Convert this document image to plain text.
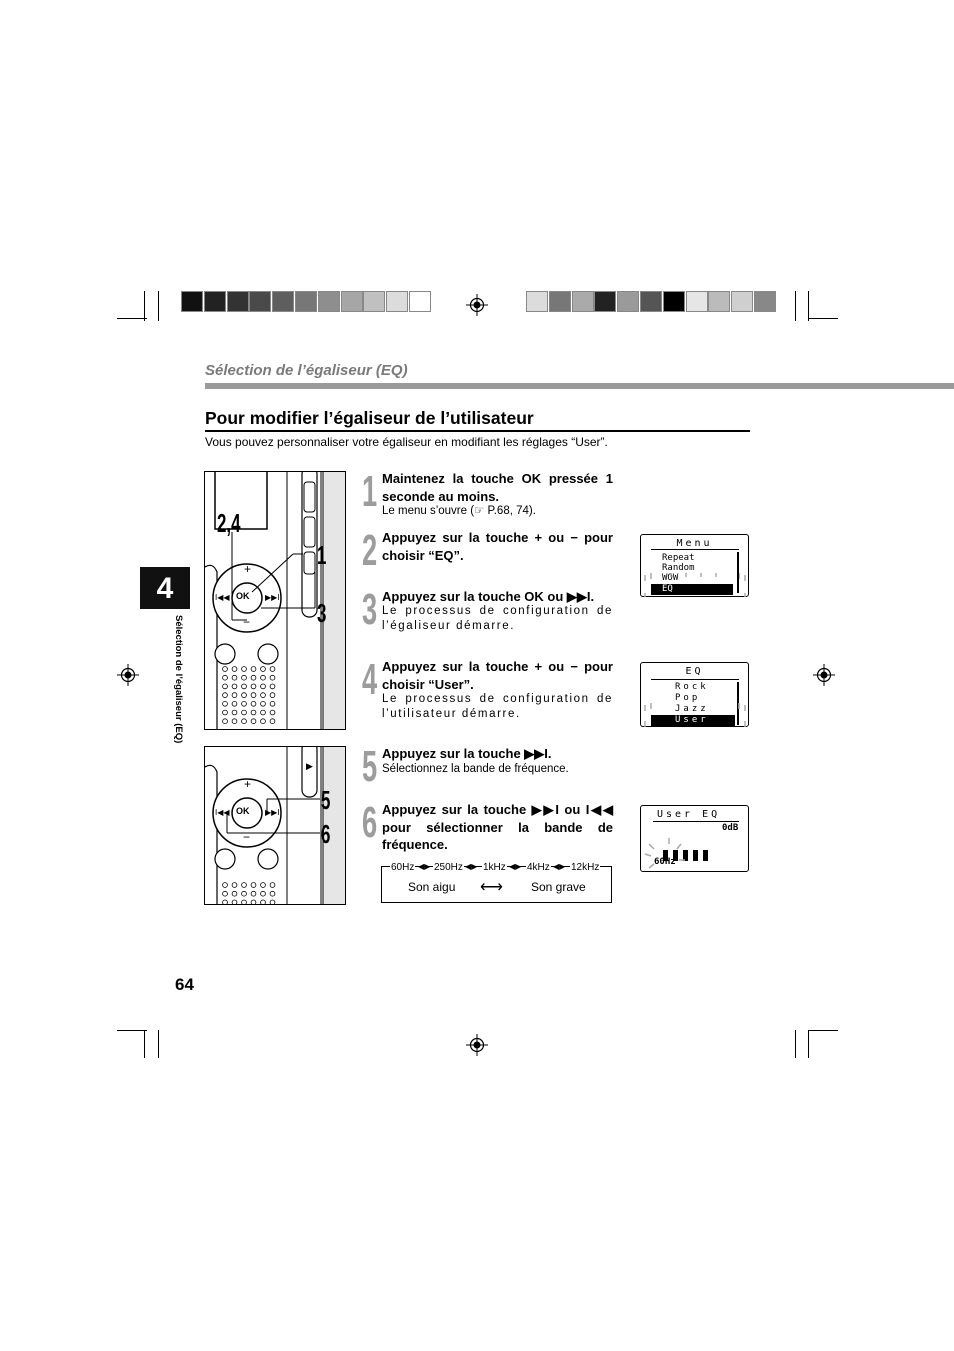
Sélection de l’égaliseur (EQ)
4
Sélection de l’égaliseur (EQ)
Pour modifier l’égaliseur de l’utilisateur
Vous pouvez personnaliser votre égaliseur en modifiant les réglages “User”.
OK
+
−
I◀◀	▶▶I
2,4
1
3
OK
+
−
I◀◀	▶▶I
▶
5
6
1 Maintenez la touche OK pressée 1 seconde au moins.
Le menu s’ouvre (☞ P.68, 74).
2 Appuyez sur la touche + ou − pour choisir “EQ”.
3 Appuyez sur la touche OK ou ▶▶I.
Le processus de configuration de l’égaliseur démarre.
4 Appuyez sur la touche + ou − pour choisir “User”.
Le processus de configuration de l’utilisateur démarre.
5 Appuyez sur la touche ▶▶I.
Sélectionnez la bande de fréquence.
6 Appuyez sur la touche ▶▶I ou I◀◀ pour sélectionner la bande de fréquence.
60Hz 250Hz 1kHz 4kHz 12kHz
◀▶	◀▶	◀▶	◀▶
Son aigu ⟷ Son grave
Menu
Repeat
Random
WOW
EQ
EQ
Rock
Pop
Jazz
User
User EQ
0dB
60Hz
64
